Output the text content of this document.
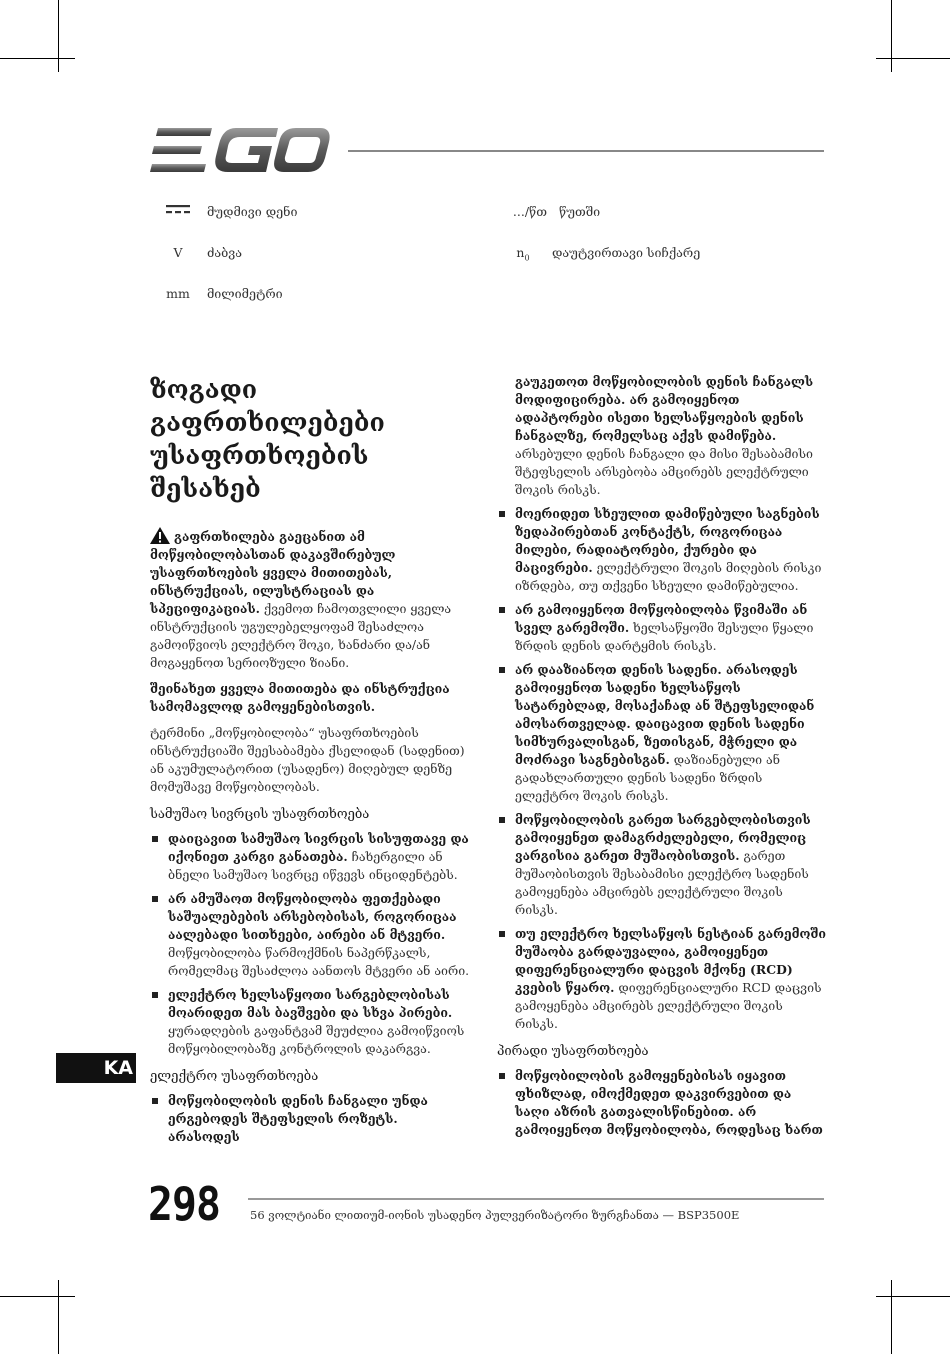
მუდმივი დენი
V ძაბვა
mm მილიმეტრი
.../წთ წუთში
$n_0$ დაუტვირთავი სიჩქარე

ზოგადი გაფრთხილებები უსაფრთხოების შესახებ

გაფრთხილება გაეცანით ამ მოწყობილობასთან დაკავშირებულ უსაფრთხოების ყველა მითითებას, ინსტრუქციას, ილუსტრაციას და სპეციფიკაციას. ქვემოთ ჩამოთვლილი ყველა ინსტრუქციის უგულებელყოფამ შესაძლოა გამოიწვიოს ელექტრო შოკი, ხანძარი და/ან მოგაყენოთ სერიოზული ზიანი.

შეინახეთ ყველა მითითება და ინსტრუქცია სამომავლოდ გამოყენებისთვის.

ტერმინი „მოწყობილობა“ უსაფრთხოების ინსტრუქციაში შეესაბამება ქსელიდან (სადენით) ან აკუმულატორით (უსადენო) მიღებულ დენზე მომუშავე მოწყობილობას.

სამუშაო სივრცის უსაფრთხოება

დაიცავით სამუშაო სივრცის სისუფთავე და იქონიეთ კარგი განათება. ჩახერგილი ან ბნელი სამუშაო სივრცე იწვევს ინციდენტებს.

არ ამუშაოთ მოწყობილობა ფეთქებადი საშუალებების არსებობისას, როგორიცაა აალებადი სითხეები, აირები ან მტვერი. მოწყობილობა წარმოქმნის ნაპერწკალს, რომელმაც შესაძლოა აანთოს მტვერი ან აირი.

ელექტრო ხელსაწყოთი სარგებლობისას მოარიდეთ მას ბავშვები და სხვა პირები. ყურადღების გაფანტვამ შეუძლია გამოიწვიოს მოწყობილობაზე კონტროლის დაკარგვა.

ელექტრო უსაფრთხოება

მოწყობილობის დენის ჩანგალი უნდა ერგებოდეს შტეფსელის როზეტს. არასოდეს

გაუკეთოთ მოწყობილობის დენის ჩანგალს მოდიფიცირება. არ გამოიყენოთ ადაპტორები ისეთი ხელსაწყოების დენის ჩანგალზე, რომელსაც აქვს დამიწება. არსებული დენის ჩანგალი და მისი შესაბამისი შტეფსელის არსებობა ამცირებს ელექტრული შოკის რისკს.

მოერიდეთ სხეულით დამიწებული საგნების ზედაპირებთან კონტაქტს, როგორიცაა მილები, რადიატორები, ქურები და მაცივრები. ელექტრული შოკის მიღების რისკი იზრდება, თუ თქვენი სხეული დამიწებულია.

არ გამოიყენოთ მოწყობილობა წვიმაში ან სველ გარემოში. ხელსაწყოში შესული წყალი ზრდის დენის დარტყმის რისკს.

არ დააზიანოთ დენის სადენი. არასოდეს გამოიყენოთ სადენი ხელსაწყოს სატარებლად, მოსაქაჩად ან შტეფსელიდან ამოსართველად. დაიცავით დენის სადენი სიმხურვალისგან, ზეთისგან, მჭრელი და მოძრავი საგნებისგან. დაზიანებული ან გადახლართული დენის სადენი ზრდის ელექტრო შოკის რისკს.

მოწყობილობის გარეთ სარგებლობისთვის გამოიყენეთ დამაგრძელებელი, რომელიც ვარგისია გარეთ მუშაობისთვის. გარეთ მუშაობისთვის შესაბამისი ელექტრო სადენის გამოყენება ამცირებს ელექტრული შოკის რისკს.

თუ ელექტრო ხელსაწყოს ნესტიან გარემოში მუშაობა გარდაუვალია, გამოიყენეთ დიფერენციალური დაცვის მქონე (RCD) კვების წყარო. დიფერენციალური RCD დაცვის გამოყენება ამცირებს ელექტრული შოკის რისკს.

პირადი უსაფრთხოება

მოწყობილობის გამოყენებისას იყავით ფხიზლად, იმოქმედეთ დაკვირვებით და საღი აზრის გათვალისწინებით. არ გამოიყენოთ მოწყობილობა, როდესაც ხართ

KA
298	56 ვოლტიანი ლითიუმ-იონის უსადენო პულვერიზატორი ზურგჩანთა — BSP3500E
